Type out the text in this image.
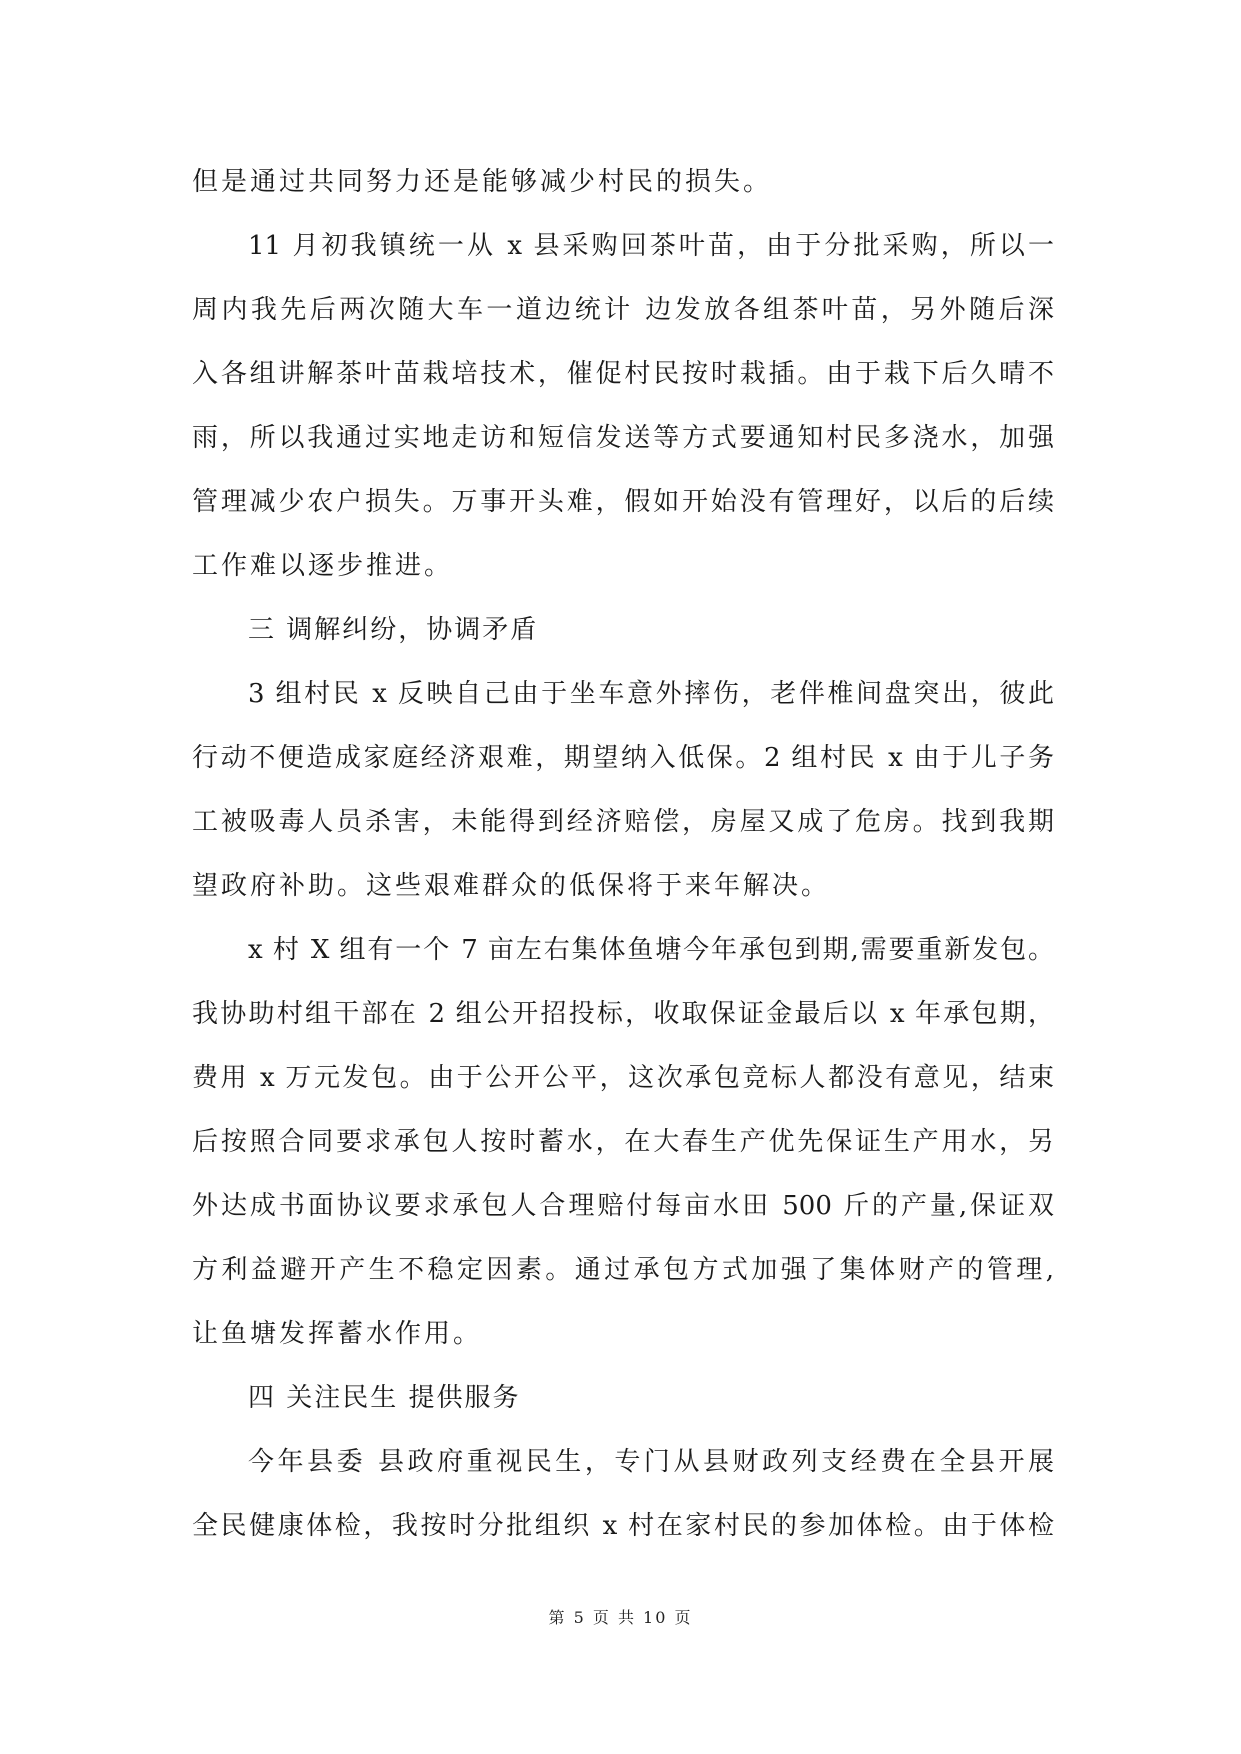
但是通过共同努力还是能够减少村民的损失。
11 月初我镇统一从 x 县采购回茶叶苗，由于分批采购，所以一
周内我先后两次随大车一道边统计 边发放各组茶叶苗，另外随后深
入各组讲解茶叶苗栽培技术，催促村民按时栽插。由于栽下后久晴不
雨，所以我通过实地走访和短信发送等方式要通知村民多浇水，加强
管理减少农户损失。万事开头难，假如开始没有管理好，以后的后续
工作难以逐步推进。
三 调解纠纷，协调矛盾
3 组村民 x 反映自己由于坐车意外摔伤，老伴椎间盘突出，彼此
行动不便造成家庭经济艰难，期望纳入低保。2 组村民 x 由于儿子务
工被吸毒人员杀害，未能得到经济赔偿，房屋又成了危房。找到我期
望政府补助。这些艰难群众的低保将于来年解决。
x 村 X 组有一个 7 亩左右集体鱼塘今年承包到期,需要重新发包。
我协助村组干部在 2 组公开招投标，收取保证金最后以 x 年承包期，
费用 x 万元发包。由于公开公平，这次承包竞标人都没有意见，结束
后按照合同要求承包人按时蓄水，在大春生产优先保证生产用水，另
外达成书面协议要求承包人合理赔付每亩水田 500 斤的产量,保证双
方利益避开产生不稳定因素。通过承包方式加强了集体财产的管理,
让鱼塘发挥蓄水作用。
四 关注民生 提供服务
今年县委 县政府重视民生，专门从县财政列支经费在全县开展
全民健康体检，我按时分批组织 x 村在家村民的参加体检。由于体检
第 5 页 共 10 页
